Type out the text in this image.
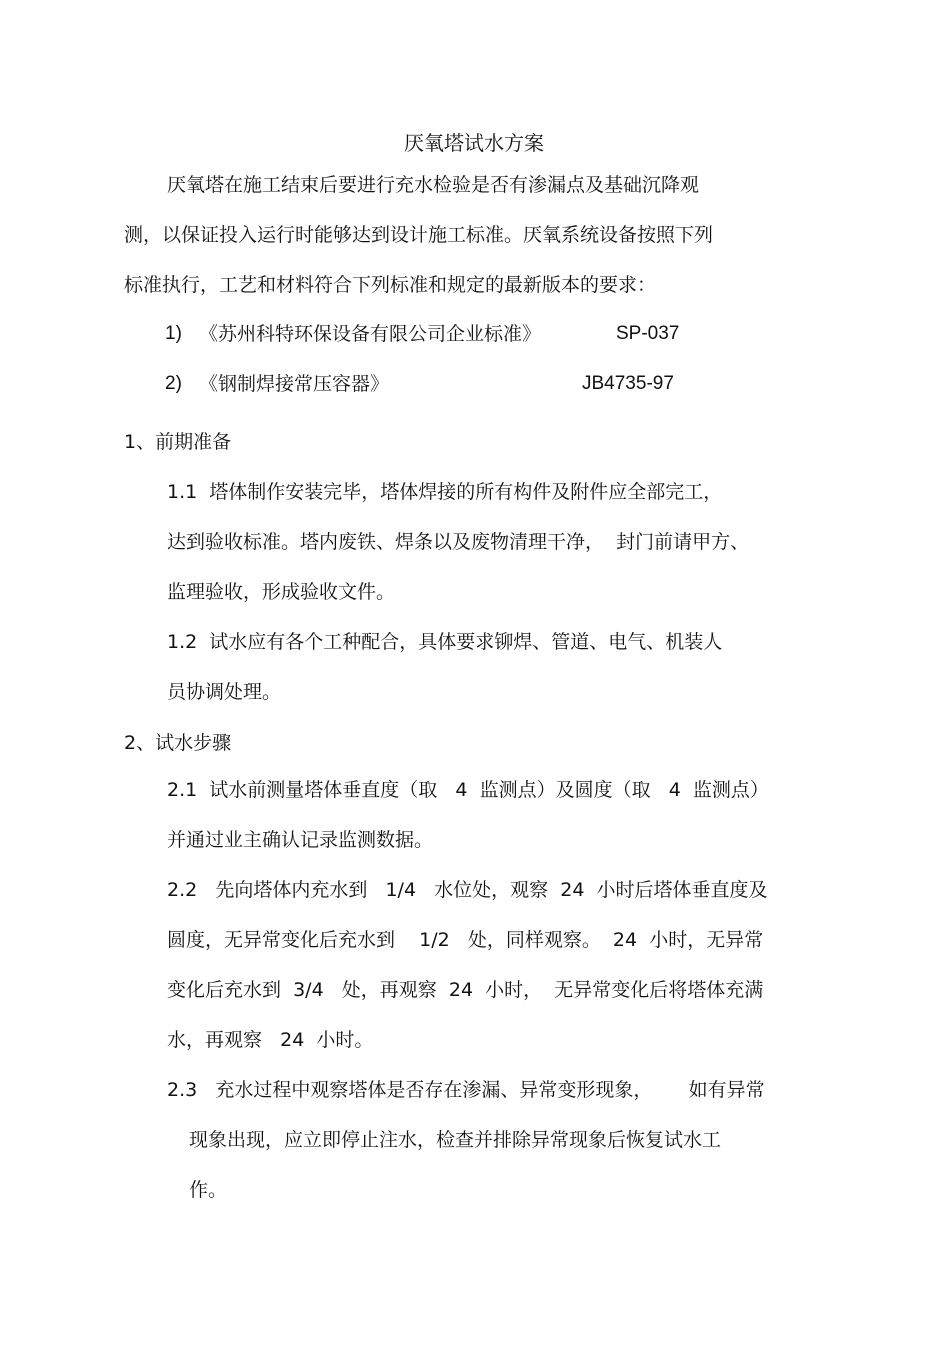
厌氧塔试水方案
厌氧塔在施工结束后要进行充水检验是否有渗漏点及基础沉降观
测，以保证投入运行时能够达到设计施工标准。厌氧系统设备按照下列
标准执行，工艺和材料符合下列标准和规定的最新版本的要求：
1) 《苏州科特环保设备有限公司企业标准》	SP-037
2) 《钢制焊接常压容器》	JB4735-97
1、前期准备
1.1  塔体制作安装完毕，塔体焊接的所有构件及附件应全部完工，
达到验收标准。塔内废铁、焊条以及废物清理干净，  封门前请甲方、
监理验收，形成验收文件。
1.2  试水应有各个工种配合，具体要求铆焊、管道、电气、机装人
员协调处理。
2、试水步骤
2.1  试水前测量塔体垂直度（取   4  监测点）及圆度（取   4  监测点）
并通过业主确认记录监测数据。
2.2   先向塔体内充水到   1/4   水位处，观察  24  小时后塔体垂直度及
圆度，无异常变化后充水到    1/2   处，同样观察。  24  小时，无异常
变化后充水到  3/4   处，再观察  24  小时，  无异常变化后将塔体充满
水，再观察   24  小时。
2.3   充水过程中观察塔体是否存在渗漏、异常变形现象，      如有异常
现象出现，应立即停止注水，检查并排除异常现象后恢复试水工
作。
